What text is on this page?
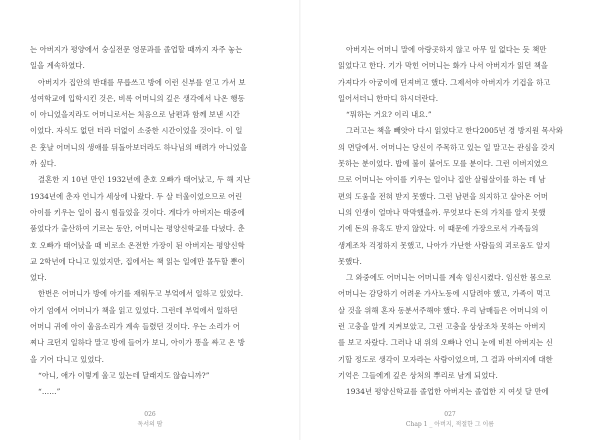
는 아버지가 평양에서 숭실전문 영문과를 졸업할 때까지 자주 놓는
일을 계속하였다.
아버지가 집안의 반대를 무릅쓰고 방에 이런 신부를 얻고 가서 보
성여학교에 입학시킨 것은, 비록 어머니의 깊은 생각에서 나온 행동
이 아니었을지라도 어머니로서는 처음으로 남편과 함께 보낸 시간
이었다. 자식도 없던 터라 더없이 소중한 시간이었을 것이다. 이 일
은 훗날 어머니의 생애를 뒤돌아보더라도 하나님의 배려가 아니었을
까 싶다.
결혼한 지 10년 만인 1932년에 춘호 오빠가 태어났고, 두 해 지난
1934년에 춘자 언니가 세상에 나왔다. 두 살 터울이었으므로 어린
아이를 키우는 일이 몹시 힘들었을 것이다. 게다가 아버지는 태중에
품었다가 출산하여 기르는 동안, 어머니는 평양신학교를 다녔다. 춘
호 오빠가 태어났을 때 비로소 온전한 가장이 된 아버지는 평양신학
교 2학년에 다니고 있었지만, 집에서는 책 읽는 일에만 몰두할 뿐이
었다.
한번은 어머니가 방에 아기를 재워두고 부엌에서 일하고 있었다.
아기 엄에서 어머니가 책을 읽고 있었다. 그런데 부엌에서 일하던
어머니 귀에 아이 울음소리가 계속 들렸던 것이다. 우는 소리가 어
찌나 크던지 일하다 말고 방에 들어가 보니, 아이가 똥을 싸고 온 방
을 기어 다니고 있었다.
“아니, 애가 이렇게 울고 있는데 달래지도 않습니까?”
“……”
026
독서의 땀
아버지는 어머니 말에 아랑곳하지 않고 아무 일 없다는 듯 책만
읽었다고 한다. 기가 막힌 어머니는 화가 나서 아버지가 읽던 책을
가져다가 아궁이에 던져버고 했다. 그제서야 아버지가 기겁을 하고
일어서더니 한마디 하시더란다.
“뭐하는 거요? 이리 내요.”
그러고는 책을 빼앗아 다시 읽었다고 한다2005년 경 방지원 목사와
의 면담에서. 어머니는 당신이 주목하고 있는 일 말고는 관심을 갖지
못하는 분이었다. 밥에 불이 붙어도 모를 분이다. 그런 이버지였으
므로 어머니는 아이를 키우는 일이나 집안 살림살이를 하는 데 남
편의 도움을 전혀 받지 못했다. 그런 남편을 의지하고 살아온 어머
니의 인생이 얼마나 막막했을까. 무엇보다 돈의 가치를 알지 못했
기에 돈의 유혹도 받지 않았다. 이 때문에 가장으로서 가족들의
생계조차 걱정하지 못했고, 나아가 가난한 사람들의 괴로움도 알지
못했다.
그 와중에도 어머니는 어머니를 계속 임신시켰다. 임신한 몸으로
어머니는 감당하기 어려운 가사노동에 시달려야 했고, 가족이 먹고
살 것을 위해 혼자 동분서주해야 했다. 우리 남매들은 어머니의 이
런 고충을 알게 지켜보았고, 그런 고충을 상상조차 못하는 아버지
를 보고 자랐다. 그러나 내 위의 오빠나 언니 눈에 비친 아버지는 신
기할 정도로 생각이 모자라는 사람이었으며, 그 결과 아버지에 대한
기억은 그들에게 깊은 상처의 뿌리로 남게 되었다.
1934년 평양신학교를 졸업한 아버지는 졸업한 지 여섯 달 만에
027
Chap 1 _ 아버지, 적절한 그 이름
